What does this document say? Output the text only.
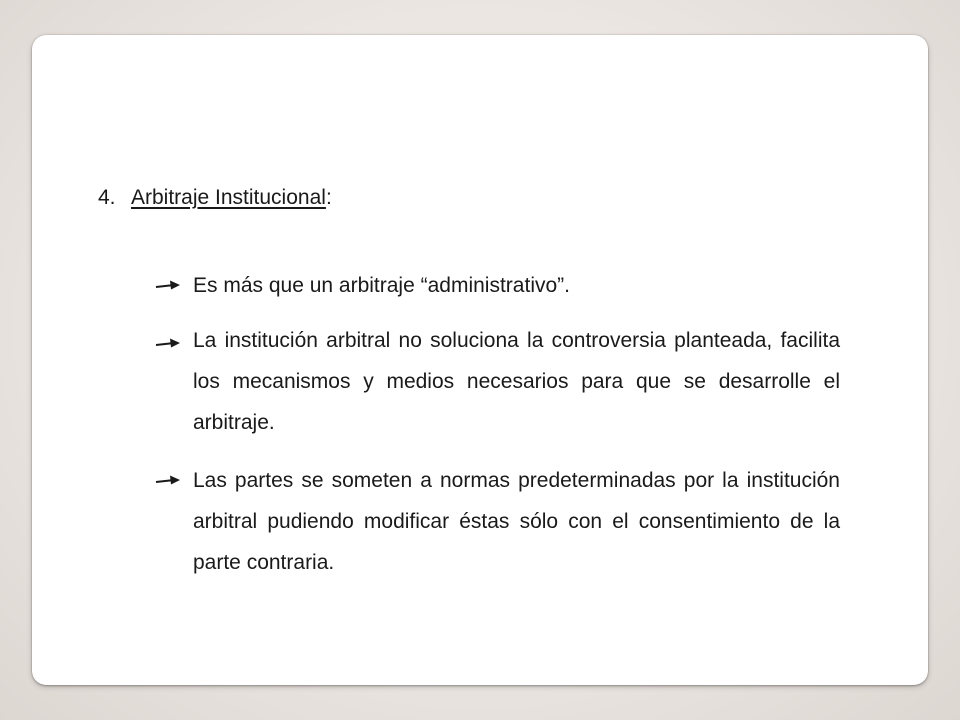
4. Arbitraje Institucional:
Es más que un arbitraje “administrativo”.
La institución arbitral no soluciona la controversia planteada, facilita los mecanismos y medios necesarios para que se desarrolle el arbitraje.
Las partes se someten a normas predeterminadas por la institución arbitral pudiendo modificar éstas sólo con el consentimiento de la parte contraria.
